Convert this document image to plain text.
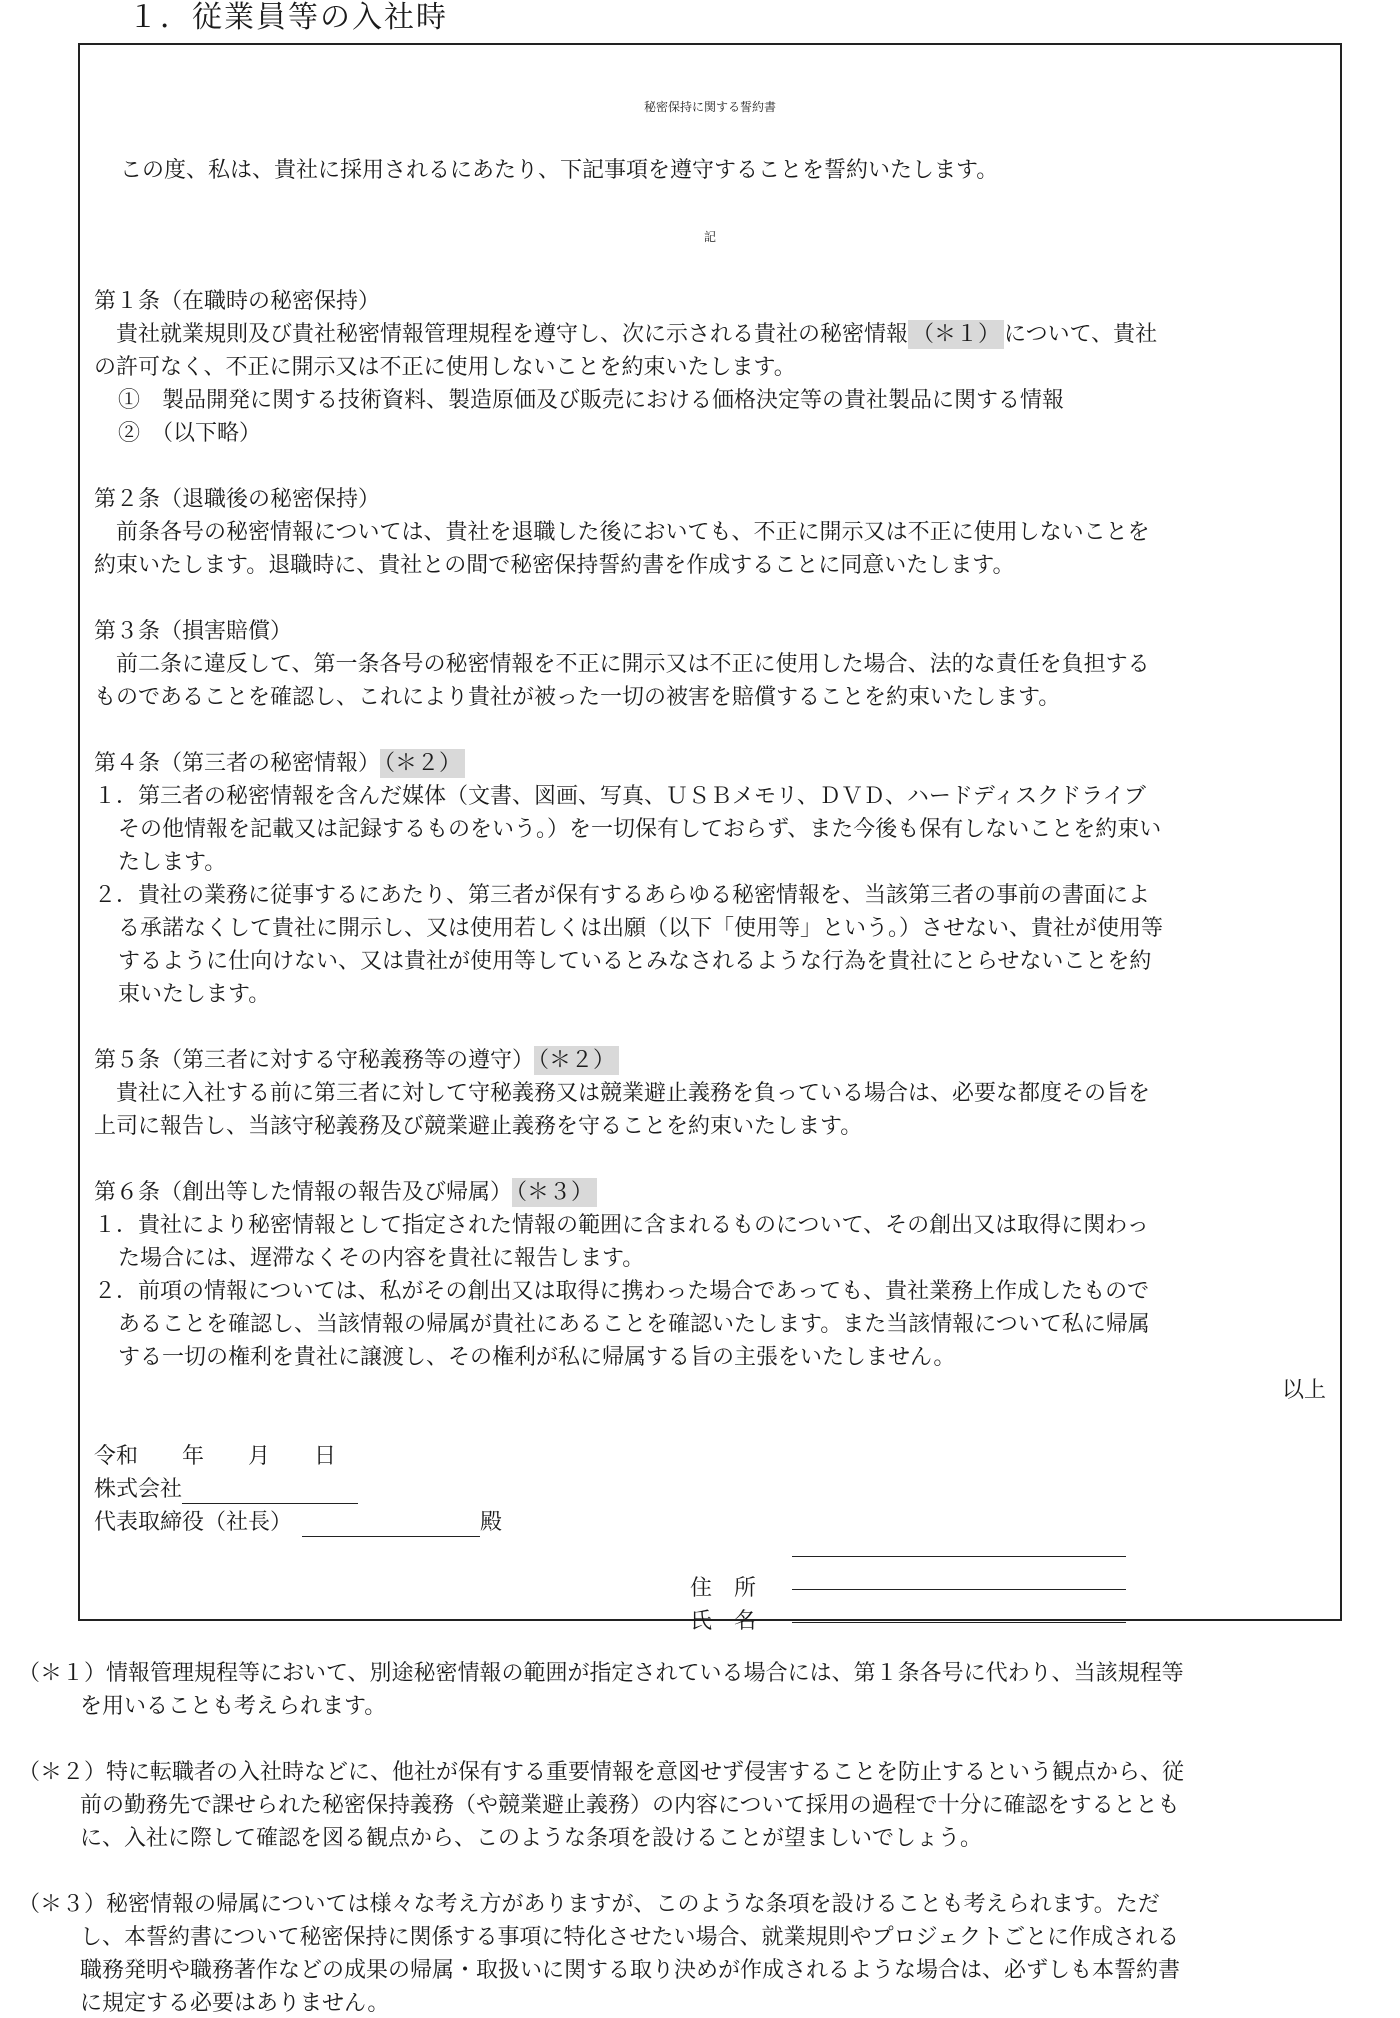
１．従業員等の入社時
秘密保持に関する誓約書
この度、私は、貴社に採用されるにあたり、下記事項を遵守することを誓約いたします。
記
第１条（在職時の秘密保持）
　貴社就業規則及び貴社秘密情報管理規程を遵守し、次に示される貴社の秘密情報 （＊１） について、貴社
の許可なく、不正に開示又は不正に使用しないことを約束いたします。
①　製品開発に関する技術資料、製造原価及び販売における価格決定等の貴社製品に関する情報
②　（以下略）
第２条（退職後の秘密保持）
　前条各号の秘密情報については、貴社を退職した後においても、不正に開示又は不正に使用しないことを
約束いたします。退職時に、貴社との間で秘密保持誓約書を作成することに同意いたします。
第３条（損害賠償）
　前二条に違反して、第一条各号の秘密情報を不正に開示又は不正に使用した場合、法的な責任を負担する
ものであることを確認し、これにより貴社が被った一切の被害を賠償することを約束いたします。
第４条（第三者の秘密情報） （＊２）
１．第三者の秘密情報を含んだ媒体（文書、図画、写真、ＵＳＢメモリ、ＤＶＤ、ハードディスクドライブ
その他情報を記載又は記録するものをいう。）を一切保有しておらず、また今後も保有しないことを約束い
たします。
２．貴社の業務に従事するにあたり、第三者が保有するあらゆる秘密情報を、当該第三者の事前の書面によ
る承諾なくして貴社に開示し、又は使用若しくは出願（以下「使用等」という。）させない、貴社が使用等
するように仕向けない、又は貴社が使用等しているとみなされるような行為を貴社にとらせないことを約
束いたします。
第５条（第三者に対する守秘義務等の遵守） （＊２）
　貴社に入社する前に第三者に対して守秘義務又は競業避止義務を負っている場合は、必要な都度その旨を
上司に報告し、当該守秘義務及び競業避止義務を守ることを約束いたします。
第６条（創出等した情報の報告及び帰属） （＊３）
１．貴社により秘密情報として指定された情報の範囲に含まれるものについて、その創出又は取得に関わっ
た場合には、遅滞なくその内容を貴社に報告します。
２．前項の情報については、私がその創出又は取得に携わった場合であっても、貴社業務上作成したもので
あることを確認し、当該情報の帰属が貴社にあることを確認いたします。また当該情報について私に帰属
する一切の権利を貴社に譲渡し、その権利が私に帰属する旨の主張をいたしません。
以上
令和　　年　　月　　日
株式会社
代表取締役（社長）	殿
住　所
氏　名
（＊１）情報管理規程等において、別途秘密情報の範囲が指定されている場合には、第１条各号に代わり、当該規程等
を用いることも考えられます。
（＊２）特に転職者の入社時などに、他社が保有する重要情報を意図せず侵害することを防止するという観点から、従
前の勤務先で課せられた秘密保持義務（や競業避止義務）の内容について採用の過程で十分に確認をするととも
に、入社に際して確認を図る観点から、このような条項を設けることが望ましいでしょう。
（＊３）秘密情報の帰属については様々な考え方がありますが、このような条項を設けることも考えられます。ただ
し、本誓約書について秘密保持に関係する事項に特化させたい場合、就業規則やプロジェクトごとに作成される
職務発明や職務著作などの成果の帰属・取扱いに関する取り決めが作成されるような場合は、必ずしも本誓約書
に規定する必要はありません。
